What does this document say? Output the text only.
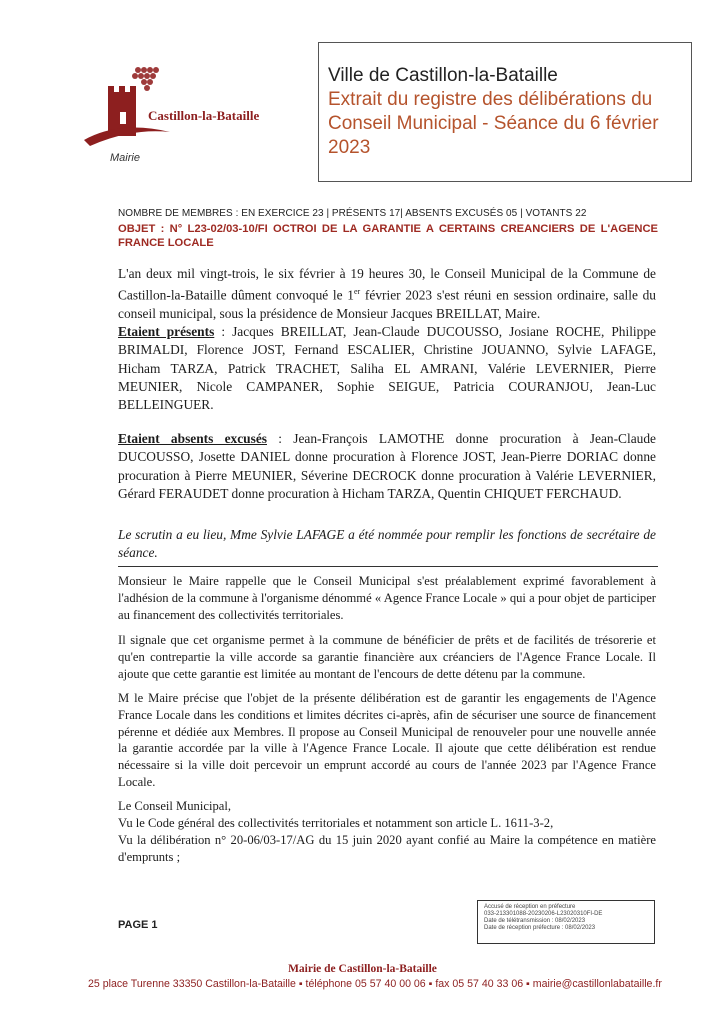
Castillon-la-Bataille
Mairie
Ville de Castillon-la-Bataille
Extrait du registre des délibérations du
Conseil Municipal - Séance du 6 février
2023
NOMBRE DE MEMBRES : EN EXERCICE 23 | PRÉSENTS 17| ABSENTS EXCUSÉS 05 | VOTANTS 22
OBJET : N° L23-02/03-10/FI OCTROI DE LA GARANTIE A CERTAINS CREANCIERS DE L'AGENCE FRANCE LOCALE
L'an deux mil vingt-trois, le six février à 19 heures 30, le Conseil Municipal de la Commune de Castillon-la-Bataille dûment convoqué le 1er février 2023 s'est réuni en session ordinaire, salle du conseil municipal, sous la présidence de Monsieur Jacques BREILLAT, Maire.
Etaient présents : Jacques BREILLAT, Jean-Claude DUCOUSSO, Josiane ROCHE, Philippe BRIMALDI, Florence JOST, Fernand ESCALIER, Christine JOUANNO, Sylvie LAFAGE, Hicham TARZA, Patrick TRACHET, Saliha EL AMRANI, Valérie LEVERNIER, Pierre MEUNIER, Nicole CAMPANER, Sophie SEIGUE, Patricia COURANJOU, Jean-Luc BELLEINGUER.
Etaient absents excusés : Jean-François LAMOTHE donne procuration à Jean-Claude DUCOUSSO, Josette DANIEL donne procuration à Florence JOST, Jean-Pierre DORIAC donne procuration à Pierre MEUNIER, Séverine DECROCK donne procuration à Valérie LEVERNIER, Gérard FERAUDET donne procuration à Hicham TARZA, Quentin CHIQUET FERCHAUD.
Le scrutin a eu lieu, Mme Sylvie LAFAGE a été nommée pour remplir les fonctions de secrétaire de séance.
Monsieur le Maire rappelle que le Conseil Municipal s'est préalablement exprimé favorablement à l'adhésion de la commune à l'organisme dénommé « Agence France Locale » qui a pour objet de participer au financement des collectivités territoriales.
Il signale que cet organisme permet à la commune de bénéficier de prêts et de facilités de trésorerie et qu'en contrepartie la ville accorde sa garantie financière aux créanciers de l'Agence France Locale. Il ajoute que cette garantie est limitée au montant de l'encours de dette détenu par la commune.
M le Maire précise que l'objet de la présente délibération est de garantir les engagements de l'Agence France Locale dans les conditions et limites décrites ci-après, afin de sécuriser une source de financement pérenne et dédiée aux Membres. Il propose au Conseil Municipal de renouveler pour une nouvelle année la garantie accordée par la ville à l'Agence France Locale. Il ajoute que cette délibération est rendue nécessaire si la ville doit percevoir un emprunt accordé au cours de l'année 2023 par l'Agence France Locale.
Le Conseil Municipal,
Vu le Code général des collectivités territoriales et notamment son article L. 1611-3-2,
Vu la délibération n° 20-06/03-17/AG du 15 juin 2020 ayant confié au Maire la compétence en matière d'emprunts ;
PAGE 1
Accusé de réception en préfecture
033-213301088-20230206-L23020310FI-DE
Date de télétransmission : 08/02/2023
Date de réception préfecture : 08/02/2023
Mairie de Castillon-la-Bataille
25 place Turenne 33350 Castillon-la-Bataille ▪ téléphone 05 57 40 00 06 ▪ fax 05 57 40 33 06 ▪ mairie@castillonlabataille.fr
